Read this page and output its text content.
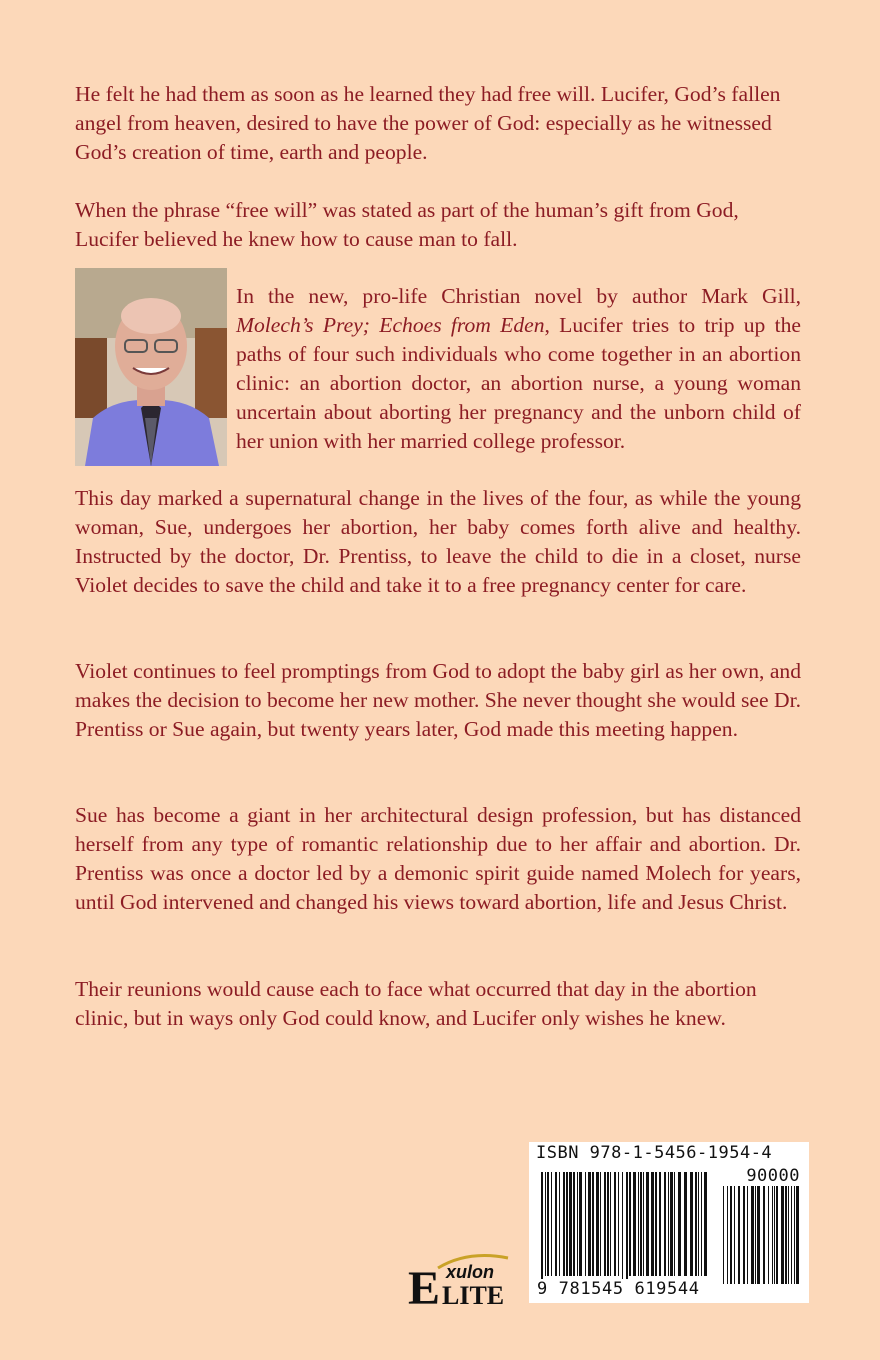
He felt he had them as soon as he learned they had free will. Lucifer, God’s fallen angel from heaven, desired to have the power of God: especially as he witnessed God’s creation of time, earth and people.

When the phrase “free will” was stated as part of the human’s gift from God, Lucifer believed he knew how to cause man to fall.

In the new, pro-life Christian novel by author Mark Gill, Molech’s Prey; Echoes from Eden, Lucifer tries to trip up the paths of four such individuals who come together in an abortion clinic: an abortion doctor, an abortion nurse, a young woman uncertain about aborting her pregnancy and the unborn child of her union with her married college professor.

This day marked a supernatural change in the lives of the four, as while the young woman, Sue, undergoes her abortion, her baby comes forth alive and healthy. Instructed by the doctor, Dr. Prentiss, to leave the child to die in a closet, nurse Violet decides to save the child and take it to a free pregnancy center for care.

Violet continues to feel promptings from God to adopt the baby girl as her own, and makes the decision to become her new mother. She never thought she would see Dr. Prentiss or Sue again, but twenty years later, God made this meeting happen.

Sue has become a giant in her architectural design profession, but has distanced herself from any type of romantic relationship due to her affair and abortion. Dr. Prentiss was once a doctor led by a demonic spirit guide named Molech for years, until God intervened and changed his views toward abortion, life and Jesus Christ.

Their reunions would cause each to face what occurred that day in the abortion clinic, but in ways only God could know, and Lucifer only wishes he knew.

E xulon
LITE

ISBN 978-1-5456-1954-4

90000

9 781545 619544
